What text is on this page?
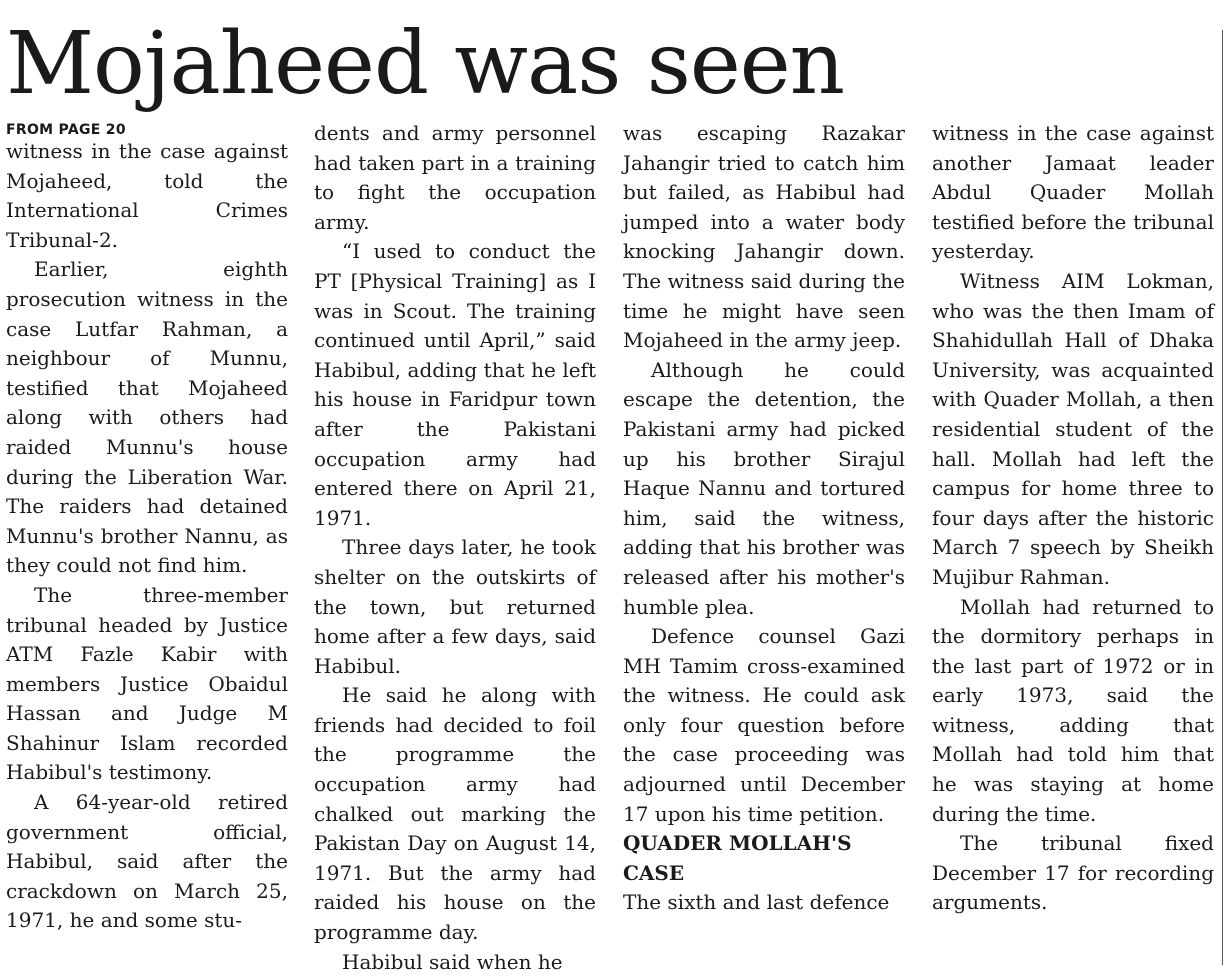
Mojaheed was seen
FROM PAGE 20

witness in the case against Mojaheed, told the International Crimes Tribunal-2.

Earlier, eighth prosecution witness in the case Lutfar Rahman, a neighbour of Munnu, testified that Mojaheed along with others had raided Munnu's house during the Liberation War. The raiders had detained Munnu's brother Nannu, as they could not find him.

The three-member tribunal headed by Justice ATM Fazle Kabir with members Justice Obaidul Hassan and Judge M Shahinur Islam recorded Habibul's testimony.

A 64-year-old retired government official, Habibul, said after the crackdown on March 25, 1971, he and some stu-

dents and army personnel had taken part in a training to fight the occupation army.

“I used to conduct the PT [Physical Training] as I was in Scout. The training continued until April,” said Habibul, adding that he left his house in Faridpur town after the Pakistani occupation army had entered there on April 21, 1971.

Three days later, he took shelter on the outskirts of the town, but returned home after a few days, said Habibul.

He said he along with friends had decided to foil the programme the occupation army had chalked out marking the Pakistan Day on August 14, 1971. But the army had raided his house on the programme day.

Habibul said when he

was escaping Razakar Jahangir tried to catch him but failed, as Habibul had jumped into a water body knocking Jahangir down. The witness said during the time he might have seen Mojaheed in the army jeep.

Although he could escape the detention, the Pakistani army had picked up his brother Sirajul Haque Nannu and tortured him, said the witness, adding that his brother was released after his mother's humble plea.

Defence counsel Gazi MH Tamim cross-examined the witness. He could ask only four question before the case proceeding was adjourned until December 17 upon his time petition.

QUADER MOLLAH'S CASE

The sixth and last defence

witness in the case against another Jamaat leader Abdul Quader Mollah testified before the tribunal yesterday.

Witness AIM Lokman, who was the then Imam of Shahidullah Hall of Dhaka University, was acquainted with Quader Mollah, a then residential student of the hall. Mollah had left the campus for home three to four days after the historic March 7 speech by Sheikh Mujibur Rahman.

Mollah had returned to the dormitory perhaps in the last part of 1972 or in early 1973, said the witness, adding that Mollah had told him that he was staying at home during the time.

The tribunal fixed December 17 for recording arguments.
